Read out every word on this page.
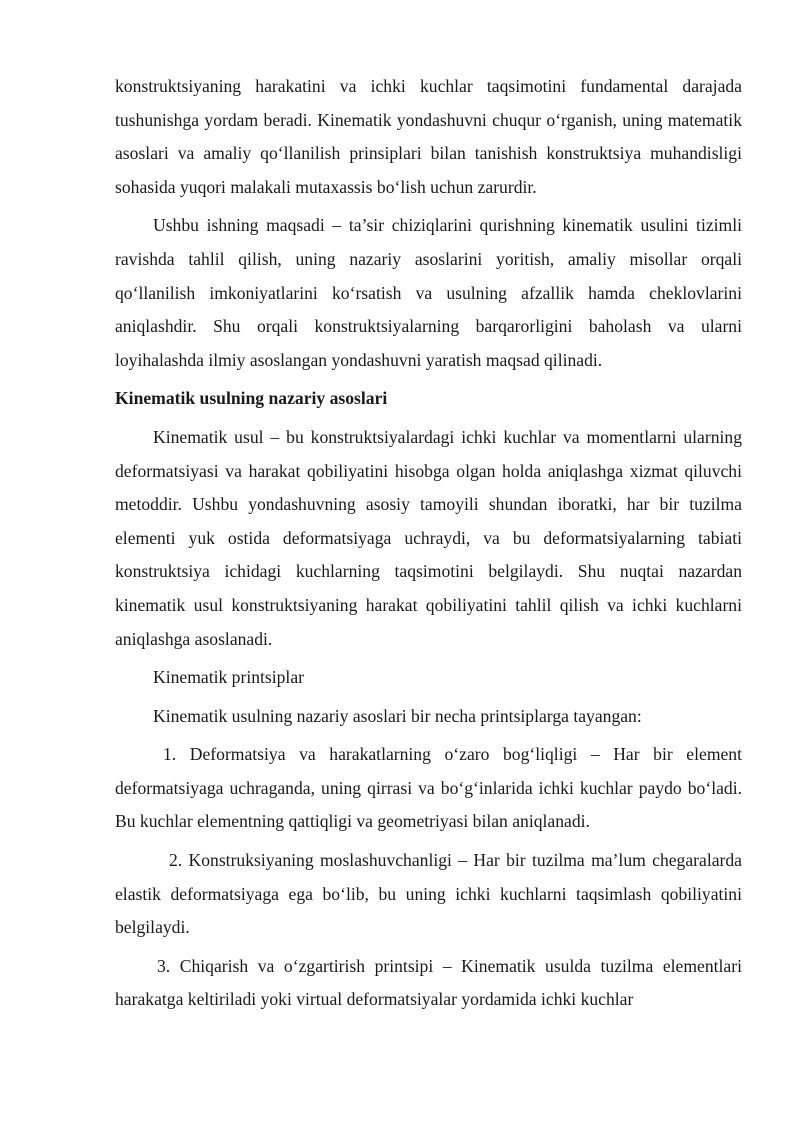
konstruktsiyaning harakatini va ichki kuchlar taqsimotini fundamental darajada tushunishga yordam beradi. Kinematik yondashuvni chuqur o‘rganish, uning matematik asoslari va amaliy qo‘llanilish prinsiplari bilan tanishish konstruktsiya muhandisligi sohasida yuqori malakali mutaxassis bo‘lish uchun zarurdir.

Ushbu ishning maqsadi – ta’sir chiziqlarini qurishning kinematik usulini tizimli ravishda tahlil qilish, uning nazariy asoslarini yoritish, amaliy misollar orqali qo‘llanilish imkoniyatlarini ko‘rsatish va usulning afzallik hamda cheklovlarini aniqlashdir. Shu orqali konstruktsiyalarning barqarorligini baholash va ularni loyihalashda ilmiy asoslangan yondashuvni yaratish maqsad qilinadi.

Kinematik usulning nazariy asoslari

Kinematik usul – bu konstruktsiyalardagi ichki kuchlar va momentlarni ularning deformatsiyasi va harakat qobiliyatini hisobga olgan holda aniqlashga xizmat qiluvchi metoddir. Ushbu yondashuvning asosiy tamoyili shundan iboratki, har bir tuzilma elementi yuk ostida deformatsiyaga uchraydi, va bu deformatsiyalarning tabiati konstruktsiya ichidagi kuchlarning taqsimotini belgilaydi. Shu nuqtai nazardan kinematik usul konstruktsiyaning harakat qobiliyatini tahlil qilish va ichki kuchlarni aniqlashga asoslanadi.

Kinematik printsiplar

Kinematik usulning nazariy asoslari bir necha printsiplarga tayangan:

1. Deformatsiya va harakatlarning o‘zaro bog‘liqligi – Har bir element deformatsiyaga uchraganda, uning qirrasi va bo‘g‘inlarida ichki kuchlar paydo bo‘ladi. Bu kuchlar elementning qattiqligi va geometriyasi bilan aniqlanadi.

2. Konstruksiyaning moslashuvchanligi – Har bir tuzilma ma’lum chegaralarda elastik deformatsiyaga ega bo‘lib, bu uning ichki kuchlarni taqsimlash qobiliyatini belgilaydi.

3. Chiqarish va o‘zgartirish printsipi – Kinematik usulda tuzilma elementlari harakatga keltiriladi yoki virtual deformatsiyalar yordamida ichki kuchlar
